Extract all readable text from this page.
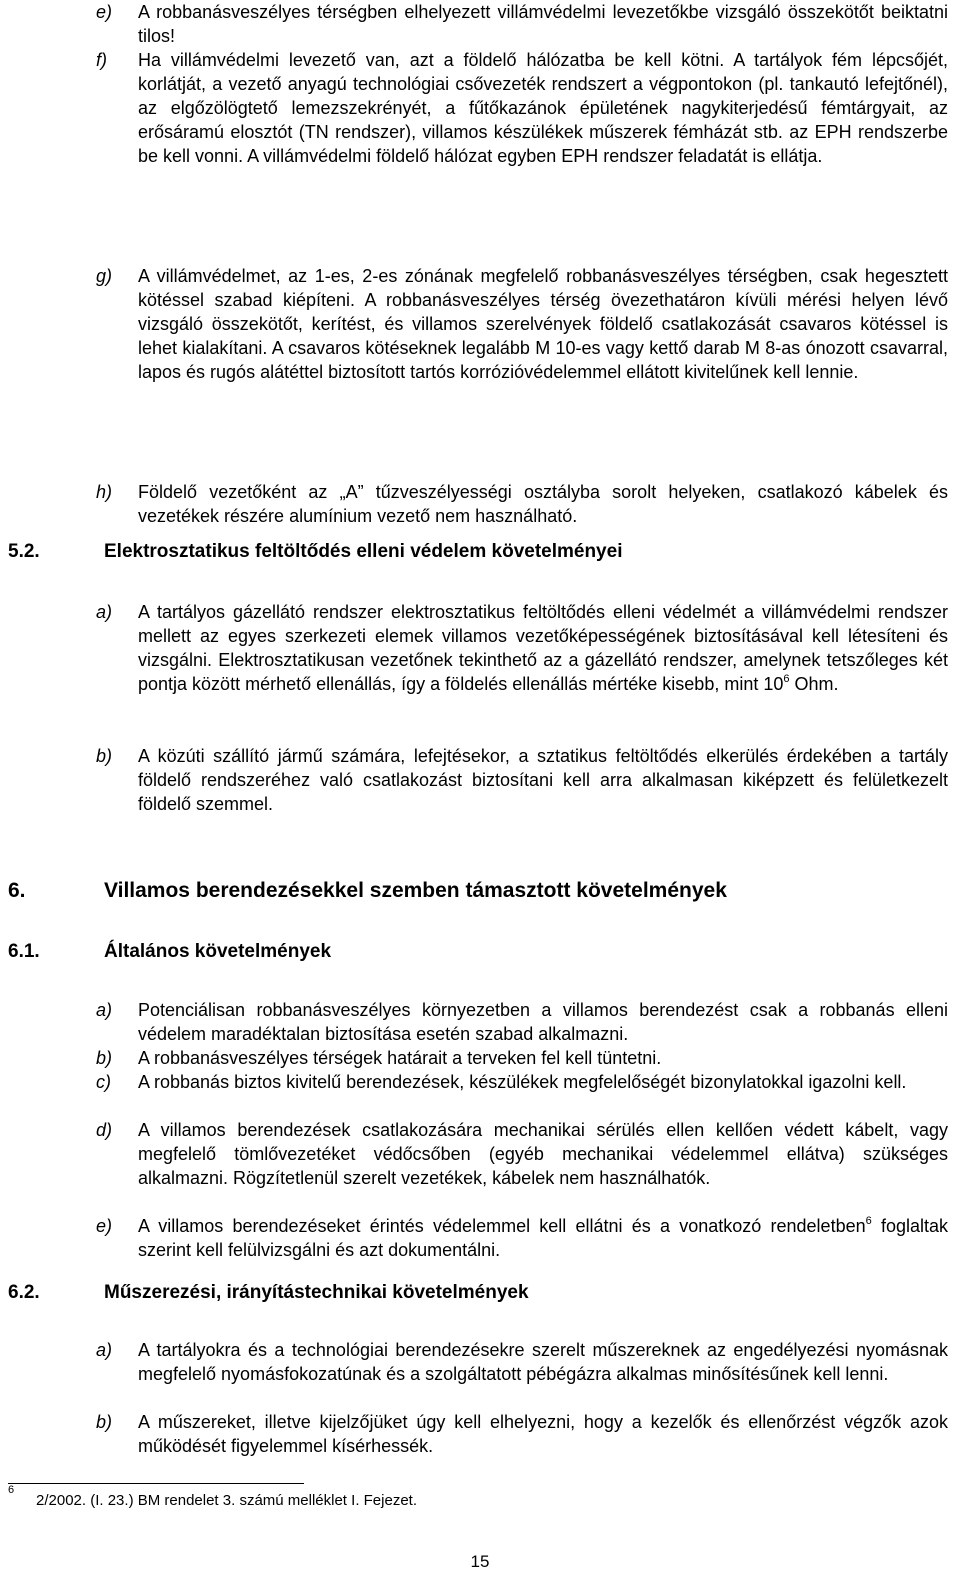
e) A robbanásveszélyes térségben elhelyezett villámvédelmi levezetőkbe vizsgáló összekötőt beiktatni tilos!
f) Ha villámvédelmi levezető van, azt a földelő hálózatba be kell kötni. A tartályok fém lépcsőjét, korlátját, a vezető anyagú technológiai csővezeték rendszert a végpontokon (pl. tankautó lefejtőnél), az elgőzölögtető lemezszekrényét, a fűtőkazánok épületének nagykiterjedésű fémtárgyait, az erősáramú elosztót (TN rendszer), villamos készülékek műszerek fémházát stb. az EPH rendszerbe be kell vonni. A villámvédelmi földelő hálózat egyben EPH rendszer feladatát is ellátja.
g) A villámvédelmet, az 1-es, 2-es zónának megfelelő robbanásveszélyes térségben, csak hegesztett kötéssel szabad kiépíteni. A robbanásveszélyes térség övezethatáron kívüli mérési helyen lévő vizsgáló összekötőt, kerítést, és villamos szerelvények földelő csatlakozását csavaros kötéssel is lehet kialakítani. A csavaros kötéseknek legalább M 10-es vagy kettő darab M 8-as ónozott csavarral, lapos és rugós alátéttel biztosított tartós korrózióvédelemmel ellátott kivitelűnek kell lennie.
h) Földelő vezetőként az „A” tűzveszélyességi osztályba sorolt helyeken, csatlakozó kábelek és vezetékek részére alumínium vezető nem használható.
5.2.	Elektrosztatikus feltöltődés elleni védelem követelményei
a) A tartályos gázellátó rendszer elektrosztatikus feltöltődés elleni védelmét a villámvédelmi rendszer mellett az egyes szerkezeti elemek villamos vezetőképességének biztosításával kell létesíteni és vizsgálni. Elektrosztatikusan vezetőnek tekinthető az a gázellátó rendszer, amelynek tetszőleges két pontja között mérhető ellenállás, így a földelés ellenállás mértéke kisebb, mint $10^6$ Ohm.
b) A közúti szállító jármű számára, lefejtésekor, a sztatikus feltöltődés elkerülés érdekében a tartály földelő rendszeréhez való csatlakozást biztosítani kell arra alkalmasan kiképzett és felületkezelt földelő szemmel.
6.	Villamos berendezésekkel szemben támasztott követelmények
6.1.	Általános követelmények
a) Potenciálisan robbanásveszélyes környezetben a villamos berendezést csak a robbanás elleni védelem maradéktalan biztosítása esetén szabad alkalmazni.
b) A robbanásveszélyes térségek határait a terveken fel kell tüntetni.
c) A robbanás biztos kivitelű berendezések, készülékek megfelelőségét bizonylatokkal igazolni kell.
d) A villamos berendezések csatlakozására mechanikai sérülés ellen kellően védett kábelt, vagy megfelelő tömlővezetéket védőcsőben (egyéb mechanikai védelemmel ellátva) szükséges alkalmazni. Rögzítetlenül szerelt vezetékek, kábelek nem használhatók.
e) A villamos berendezéseket érintés védelemmel kell ellátni és a vonatkozó rendeletben$^6$ foglaltak szerint kell felülvizsgálni és azt dokumentálni.
6.2.	Műszerezési, irányítástechnikai követelmények
a) A tartályokra és a technológiai berendezésekre szerelt műszereknek az engedélyezési nyomásnak megfelelő nyomásfokozatúnak és a szolgáltatott pébégázra alkalmas minősítésűnek kell lenni.
b) A műszereket, illetve kijelzőjüket úgy kell elhelyezni, hogy a kezelők és ellenőrzést végzők azok működését figyelemmel kísérhessék.
6
2/2002. (I. 23.) BM rendelet 3. számú melléklet I. Fejezet.
15
